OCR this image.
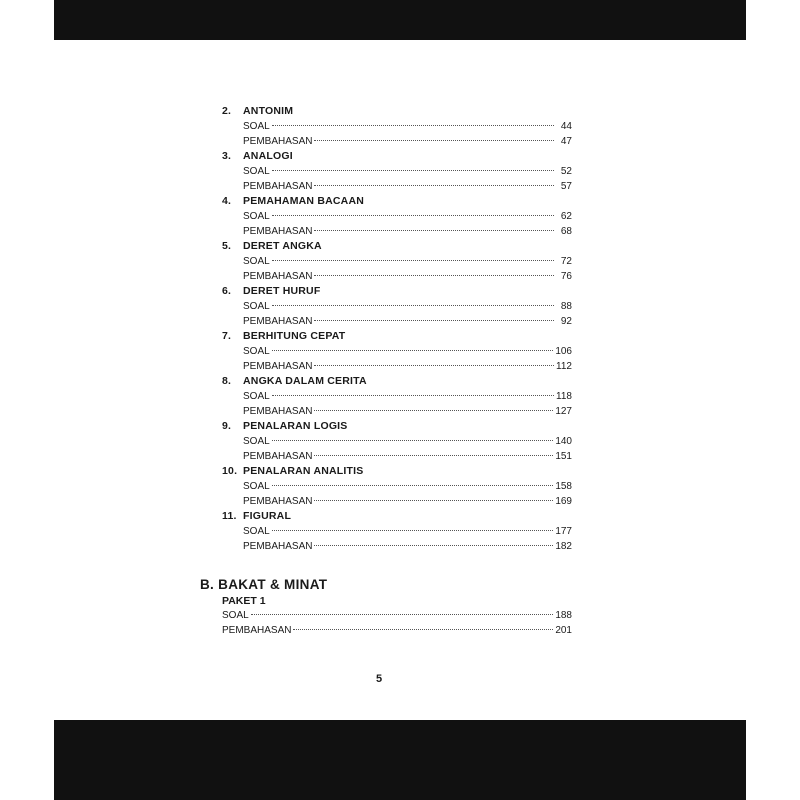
2.	ANTONIM
SOAL	44
PEMBAHASAN	47
3.	ANALOGI
SOAL	52
PEMBAHASAN	57
4.	PEMAHAMAN BACAAN
SOAL	62
PEMBAHASAN	68
5.	DERET ANGKA
SOAL	72
PEMBAHASAN	76
6.	DERET HURUF
SOAL	88
PEMBAHASAN	92
7.	BERHITUNG CEPAT
SOAL	106
PEMBAHASAN	112
8.	ANGKA DALAM CERITA
SOAL	118
PEMBAHASAN	127
9.	PENALARAN LOGIS
SOAL	140
PEMBAHASAN	151
10. PENALARAN ANALITIS
SOAL	158
PEMBAHASAN	169
11. FIGURAL
SOAL	177
PEMBAHASAN	182
B. BAKAT & MINAT
PAKET 1
SOAL	188
PEMBAHASAN	201
5
